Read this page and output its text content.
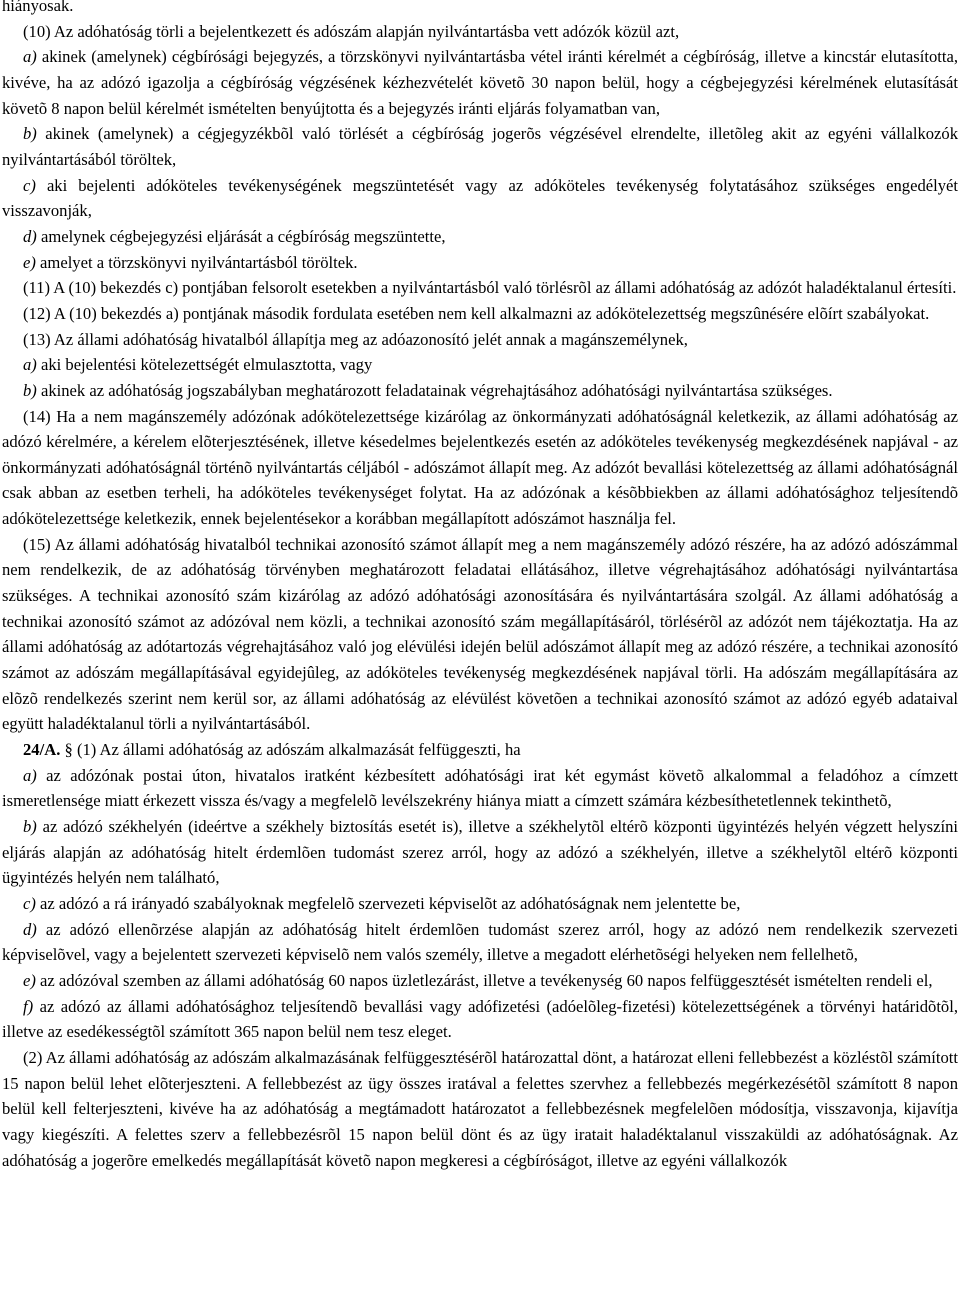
hiányosak.

(10) Az adóhatóság törli a bejelentkezett és adószám alapján nyilvántartásba vett adózók közül azt,

a) akinek (amelynek) cégbírósági bejegyzés, a törzskönyvi nyilvántartásba vétel iránti kérelmét a cégbíróság, illetve a kincstár elutasította, kivéve, ha az adózó igazolja a cégbíróság végzésének kézhezvételét követõ 30 napon belül, hogy a cégbejegyzési kérelmének elutasítását követõ 8 napon belül kérelmét ismételten benyújtotta és a bejegyzés iránti eljárás folyamatban van,

b) akinek (amelynek) a cégjegyzékbõl való törlését a cégbíróság jogerõs végzésével elrendelte, illetõleg akit az egyéni vállalkozók nyilvántartásából töröltek,

c) aki bejelenti adóköteles tevékenységének megszüntetését vagy az adóköteles tevékenység folytatásához szükséges engedélyét visszavonják,

d) amelynek cégbejegyzési eljárását a cégbíróság megszüntette,

e) amelyet a törzskönyvi nyilvántartásból töröltek.

(11) A (10) bekezdés c) pontjában felsorolt esetekben a nyilvántartásból való törlésrõl az állami adóhatóság az adózót haladéktalanul értesíti.

(12) A (10) bekezdés a) pontjának második fordulata esetében nem kell alkalmazni az adókötelezettség megszûnésére elõírt szabályokat.

(13) Az állami adóhatóság hivatalból állapítja meg az adóazonosító jelét annak a magánszemélynek,

a) aki bejelentési kötelezettségét elmulasztotta, vagy

b) akinek az adóhatóság jogszabályban meghatározott feladatainak végrehajtásához adóhatósági nyilvántartása szükséges.

(14) Ha a nem magánszemély adózónak adókötelezettsége kizárólag az önkormányzati adóhatóságnál keletkezik, az állami adóhatóság az adózó kérelmére, a kérelem elõterjesztésének, illetve késedelmes bejelentkezés esetén az adóköteles tevékenység megkezdésének napjával - az önkormányzati adóhatóságnál történõ nyilvántartás céljából - adószámot állapít meg. Az adózót bevallási kötelezettség az állami adóhatóságnál csak abban az esetben terheli, ha adóköteles tevékenységet folytat. Ha az adózónak a késõbbiekben az állami adóhatósághoz teljesítendõ adókötelezettsége keletkezik, ennek bejelentésekor a korábban megállapított adószámot használja fel.

(15) Az állami adóhatóság hivatalból technikai azonosító számot állapít meg a nem magánszemély adózó részére, ha az adózó adószámmal nem rendelkezik, de az adóhatóság törvényben meghatározott feladatai ellátásához, illetve végrehajtásához adóhatósági nyilvántartása szükséges. A technikai azonosító szám kizárólag az adózó adóhatósági azonosítására és nyilvántartására szolgál. Az állami adóhatóság a technikai azonosító számot az adózóval nem közli, a technikai azonosító szám megállapításáról, törlésérõl az adózót nem tájékoztatja. Ha az állami adóhatóság az adótartozás végrehajtásához való jog elévülési idején belül adószámot állapít meg az adózó részére, a technikai azonosító számot az adószám megállapításával egyidejûleg, az adóköteles tevékenység megkezdésének napjával törli. Ha adószám megállapítására az elõzõ rendelkezés szerint nem kerül sor, az állami adóhatóság az elévülést követõen a technikai azonosító számot az adózó egyéb adataival együtt haladéktalanul törli a nyilvántartásából.

24/A. § (1) Az állami adóhatóság az adószám alkalmazását felfüggeszti, ha

a) az adózónak postai úton, hivatalos iratként kézbesített adóhatósági irat két egymást követõ alkalommal a feladóhoz a címzett ismeretlensége miatt érkezett vissza és/vagy a megfelelõ levélszekrény hiánya miatt a címzett számára kézbesíthetetlennek tekinthetõ,

b) az adózó székhelyén (ideértve a székhely biztosítás esetét is), illetve a székhelytõl eltérõ központi ügyintézés helyén végzett helyszíni eljárás alapján az adóhatóság hitelt érdemlõen tudomást szerez arról, hogy az adózó a székhelyén, illetve a székhelytõl eltérõ központi ügyintézés helyén nem található,

c) az adózó a rá irányadó szabályoknak megfelelõ szervezeti képviselõt az adóhatóságnak nem jelentette be,

d) az adózó ellenõrzése alapján az adóhatóság hitelt érdemlõen tudomást szerez arról, hogy az adózó nem rendelkezik szervezeti képviselõvel, vagy a bejelentett szervezeti képviselõ nem valós személy, illetve a megadott elérhetõségi helyeken nem fellelhetõ,

e) az adózóval szemben az állami adóhatóság 60 napos üzletlezárást, illetve a tevékenység 60 napos felfüggesztését ismételten rendeli el,

f) az adózó az állami adóhatósághoz teljesítendõ bevallási vagy adófizetési (adóelõleg-fizetési) kötelezettségének a törvényi határidõtõl, illetve az esedékességtõl számított 365 napon belül nem tesz eleget.

(2) Az állami adóhatóság az adószám alkalmazásának felfüggesztésérõl határozattal dönt, a határozat elleni fellebbezést a közléstõl számított 15 napon belül lehet elõterjeszteni. A fellebbezést az ügy összes iratával a felettes szervhez a fellebbezés megérkezésétõl számított 8 napon belül kell felterjeszteni, kivéve ha az adóhatóság a megtámadott határozatot a fellebbezésnek megfelelõen módosítja, visszavonja, kijavítja vagy kiegészíti. A felettes szerv a fellebbezésrõl 15 napon belül dönt és az ügy iratait haladéktalanul visszaküldi az adóhatóságnak. Az adóhatóság a jogerõre emelkedés megállapítását követõ napon megkeresi a cégbíróságot, illetve az egyéni vállalkozók
